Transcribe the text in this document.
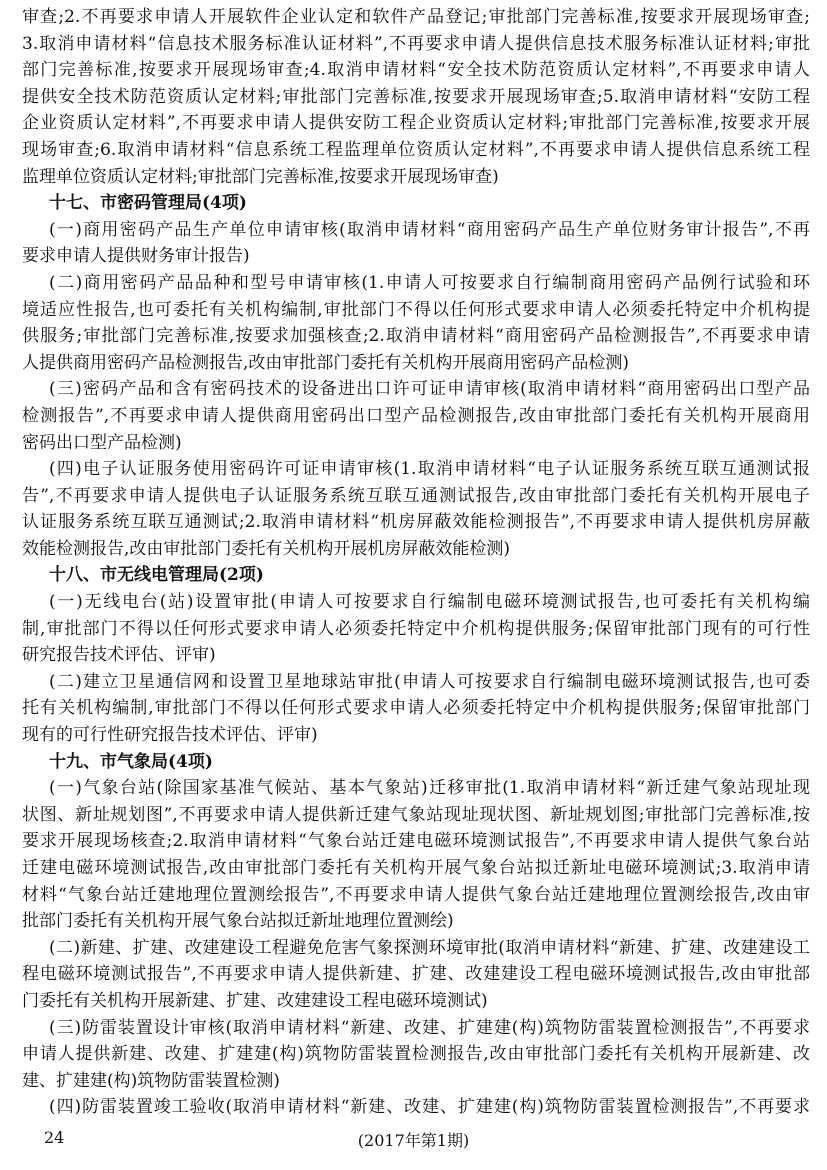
审查;2.不再要求申请人开展软件企业认定和软件产品登记;审批部门完善标准,按要求开展现场审查;
3.取消申请材料“信息技术服务标准认证材料”,不再要求申请人提供信息技术服务标准认证材料;审批
部门完善标准,按要求开展现场审查;4.取消申请材料“安全技术防范资质认定材料”,不再要求申请人
提供安全技术防范资质认定材料;审批部门完善标准,按要求开展现场审查;5.取消申请材料“安防工程
企业资质认定材料”,不再要求申请人提供安防工程企业资质认定材料;审批部门完善标准,按要求开展
现场审查;6.取消申请材料“信息系统工程监理单位资质认定材料”,不再要求申请人提供信息系统工程
监理单位资质认定材料;审批部门完善标准,按要求开展现场审查)
十七、市密码管理局(4项)
(一)商用密码产品生产单位申请审核(取消申请材料“商用密码产品生产单位财务审计报告”,不再
要求申请人提供财务审计报告)
(二)商用密码产品品种和型号申请审核(1.申请人可按要求自行编制商用密码产品例行试验和环
境适应性报告,也可委托有关机构编制,审批部门不得以任何形式要求申请人必须委托特定中介机构提
供服务;审批部门完善标准,按要求加强核查;2.取消申请材料“商用密码产品检测报告”,不再要求申请
人提供商用密码产品检测报告,改由审批部门委托有关机构开展商用密码产品检测)
(三)密码产品和含有密码技术的设备进出口许可证申请审核(取消申请材料“商用密码出口型产品
检测报告”,不再要求申请人提供商用密码出口型产品检测报告,改由审批部门委托有关机构开展商用
密码出口型产品检测)
(四)电子认证服务使用密码许可证申请审核(1.取消申请材料“电子认证服务系统互联互通测试报
告”,不再要求申请人提供电子认证服务系统互联互通测试报告,改由审批部门委托有关机构开展电子
认证服务系统互联互通测试;2.取消申请材料“机房屏蔽效能检测报告”,不再要求申请人提供机房屏蔽
效能检测报告,改由审批部门委托有关机构开展机房屏蔽效能检测)
十八、市无线电管理局(2项)
(一)无线电台(站)设置审批(申请人可按要求自行编制电磁环境测试报告,也可委托有关机构编
制,审批部门不得以任何形式要求申请人必须委托特定中介机构提供服务;保留审批部门现有的可行性
研究报告技术评估、评审)
(二)建立卫星通信网和设置卫星地球站审批(申请人可按要求自行编制电磁环境测试报告,也可委
托有关机构编制,审批部门不得以任何形式要求申请人必须委托特定中介机构提供服务;保留审批部门
现有的可行性研究报告技术评估、评审)
十九、市气象局(4项)
(一)气象台站(除国家基准气候站、基本气象站)迁移审批(1.取消申请材料“新迁建气象站现址现
状图、新址规划图”,不再要求申请人提供新迁建气象站现址现状图、新址规划图;审批部门完善标准,按
要求开展现场核查;2.取消申请材料“气象台站迁建电磁环境测试报告”,不再要求申请人提供气象台站
迁建电磁环境测试报告,改由审批部门委托有关机构开展气象台站拟迁新址电磁环境测试;3.取消申请
材料“气象台站迁建地理位置测绘报告”,不再要求申请人提供气象台站迁建地理位置测绘报告,改由审
批部门委托有关机构开展气象台站拟迁新址地理位置测绘)
(二)新建、扩建、改建建设工程避免危害气象探测环境审批(取消申请材料“新建、扩建、改建建设工
程电磁环境测试报告”,不再要求申请人提供新建、扩建、改建建设工程电磁环境测试报告,改由审批部
门委托有关机构开展新建、扩建、改建建设工程电磁环境测试)
(三)防雷装置设计审核(取消申请材料“新建、改建、扩建建(构)筑物防雷装置检测报告”,不再要求
申请人提供新建、改建、扩建建(构)筑物防雷装置检测报告,改由审批部门委托有关机构开展新建、改
建、扩建建(构)筑物防雷装置检测)
(四)防雷装置竣工验收(取消申请材料“新建、改建、扩建建(构)筑物防雷装置检测报告”,不再要求
24	(2017年第1期)
